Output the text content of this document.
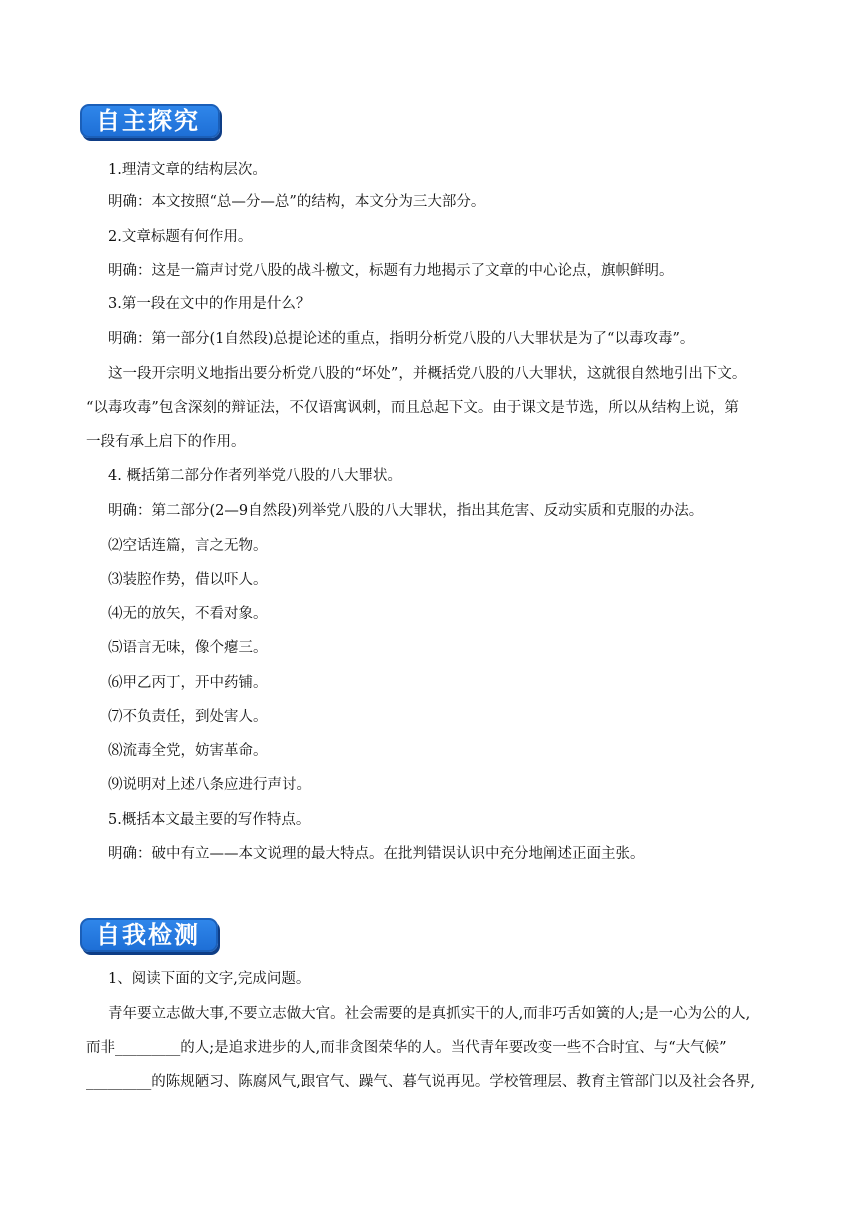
自主探究
1.理清文章的结构层次。
明确：本文按照“总—分—总”的结构，本文分为三大部分。
2.文章标题有何作用。
明确：这是一篇声讨党八股的战斗檄文，标题有力地揭示了文章的中心论点，旗帜鲜明。
3.第一段在文中的作用是什么？
明确：第一部分(1自然段)总提论述的重点，指明分析党八股的八大罪状是为了“以毒攻毒”。
这一段开宗明义地指出要分析党八股的“坏处”，并概括党八股的八大罪状，这就很自然地引出下文。
“以毒攻毒”包含深刻的辩证法，不仅语寓讽刺，而且总起下文。由于课文是节选，所以从结构上说，第
一段有承上启下的作用。
4. 概括第二部分作者列举党八股的八大罪状。
明确：第二部分(2—9自然段)列举党八股的八大罪状，指出其危害、反动实质和克服的办法。
⑵空话连篇，言之无物。
⑶装腔作势，借以吓人。
⑷无的放矢，不看对象。
⑸语言无味，像个瘪三。
⑹甲乙丙丁，开中药铺。
⑺不负责任，到处害人。
⑻流毒全党，妨害革命。
⑼说明对上述八条应进行声讨。
5.概括本文最主要的写作特点。
明确：破中有立——本文说理的最大特点。在批判错误认识中充分地阐述正面主张。
自我检测
1、阅读下面的文字,完成问题。
青年要立志做大事,不要立志做大官。社会需要的是真抓实干的人,而非巧舌如簧的人;是一心为公的人,
而非_________的人;是追求进步的人,而非贪图荣华的人。当代青年要改变一些不合时宜、与“大气候”
_________的陈规陋习、陈腐风气,跟官气、躁气、暮气说再见。学校管理层、教育主管部门以及社会各界,
